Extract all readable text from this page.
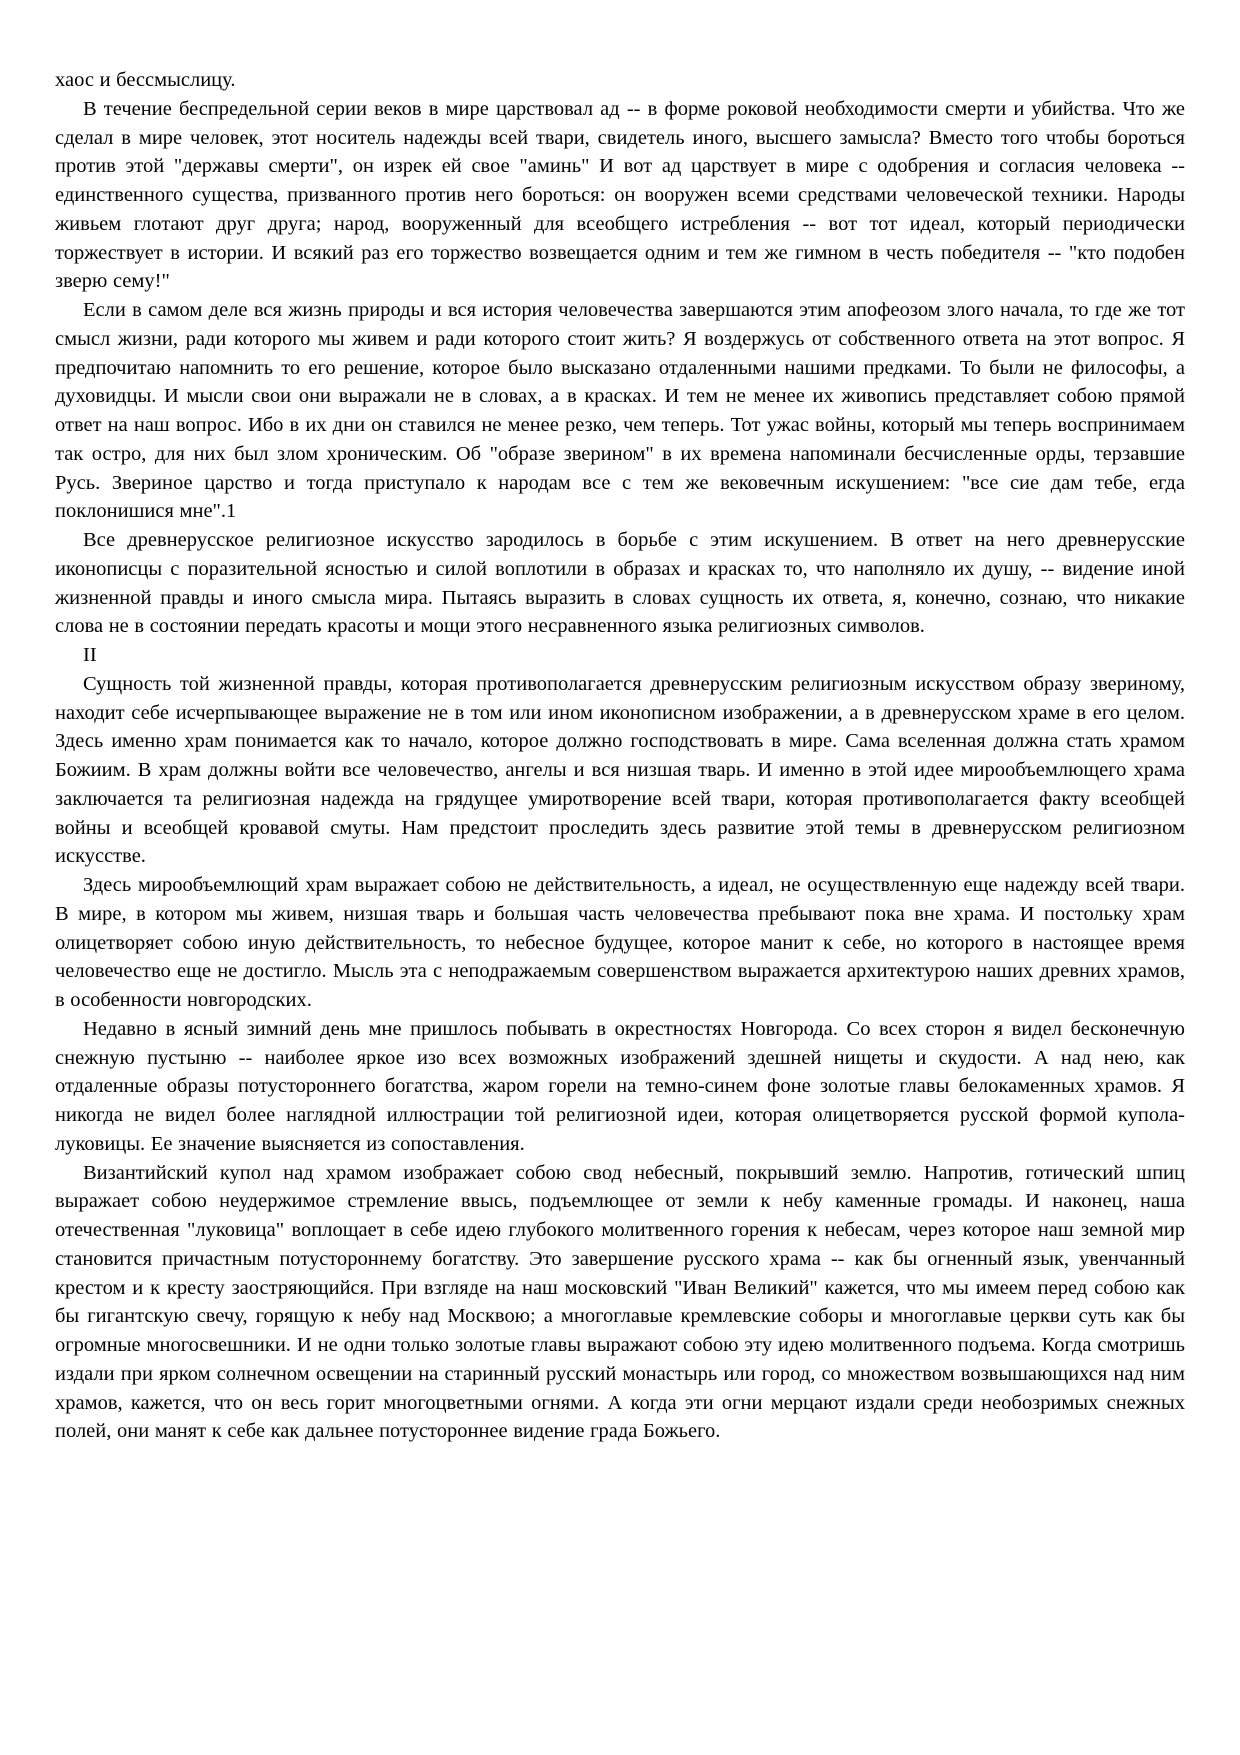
хаос и бессмыслицу.

В течение беспредельной серии веков в мире царствовал ад -- в форме роковой необходимости смерти и убийства. Что же сделал в мире человек, этот носитель надежды всей твари, свидетель иного, высшего замысла? Вместо того чтобы бороться против этой "державы смерти", он изрек ей свое "аминь" И вот ад царствует в мире с одобрения и согласия человека -- единственного существа, призванного против него бороться: он вооружен всеми средствами человеческой техники. Народы живьем глотают друг друга; народ, вооруженный для всеобщего истребления -- вот тот идеал, который периодически торжествует в истории. И всякий раз его торжество возвещается одним и тем же гимном в честь победителя -- "кто подобен зверю сему!"

Если в самом деле вся жизнь природы и вся история человечества завершаются этим апофеозом злого начала, то где же тот смысл жизни, ради которого мы живем и ради которого стоит жить? Я воздержусь от собственного ответа на этот вопрос. Я предпочитаю напомнить то его решение, которое было высказано отдаленными нашими предками. То были не философы, а духовидцы. И мысли свои они выражали не в словах, а в красках. И тем не менее их живопись представляет собою прямой ответ на наш вопрос. Ибо в их дни он ставился не менее резко, чем теперь. Тот ужас войны, который мы теперь воспринимаем так остро, для них был злом хроническим. Об "образе зверином" в их времена напоминали бесчисленные орды, терзавшие Русь. Звериное царство и тогда приступало к народам все с тем же вековечным искушением: "все сие дам тебе, егда поклонишися мне".1

Все древнерусское религиозное искусство зародилось в борьбе с этим искушением. В ответ на него древнерусские иконописцы с поразительной ясностью и силой воплотили в образах и красках то, что наполняло их душу, -- видение иной жизненной правды и иного смысла мира. Пытаясь выразить в словах сущность их ответа, я, конечно, сознаю, что никакие слова не в состоянии передать красоты и мощи этого несравненного языка религиозных символов.

II

Сущность той жизненной правды, которая противополагается древнерусским религиозным искусством образу звериному, находит себе исчерпывающее выражение не в том или ином иконописном изображении, а в древнерусском храме в его целом. Здесь именно храм понимается как то начало, которое должно господствовать в мире. Сама вселенная должна стать храмом Божиим. В храм должны войти все человечество, ангелы и вся низшая тварь. И именно в этой идее мирообъемлющего храма заключается та религиозная надежда на грядущее умиротворение всей твари, которая противополагается факту всеобщей войны и всеобщей кровавой смуты. Нам предстоит проследить здесь развитие этой темы в древнерусском религиозном искусстве.

Здесь мирообъемлющий храм выражает собою не действительность, а идеал, не осуществленную еще надежду всей твари. В мире, в котором мы живем, низшая тварь и большая часть человечества пребывают пока вне храма. И постольку храм олицетворяет собою иную действительность, то небесное будущее, которое манит к себе, но которого в настоящее время человечество еще не достигло. Мысль эта с неподражаемым совершенством выражается архитектурою наших древних храмов, в особенности новгородских.

Недавно в ясный зимний день мне пришлось побывать в окрестностях Новгорода. Со всех сторон я видел бесконечную снежную пустыню -- наиболее яркое изо всех возможных изображений здешней нищеты и скудости. А над нею, как отдаленные образы потустороннего богатства, жаром горели на темно-синем фоне золотые главы белокаменных храмов. Я никогда не видел более наглядной иллюстрации той религиозной идеи, которая олицетворяется русской формой купола-луковицы. Ее значение выясняется из сопоставления.

Византийский купол над храмом изображает собою свод небесный, покрывший землю. Напротив, готический шпиц выражает собою неудержимое стремление ввысь, подъемлющее от земли к небу каменные громады. И наконец, наша отечественная "луковица" воплощает в себе идею глубокого молитвенного горения к небесам, через которое наш земной мир становится причастным потустороннему богатству. Это завершение русского храма -- как бы огненный язык, увенчанный крестом и к кресту заостряющийся. При взгляде на наш московский "Иван Великий" кажется, что мы имеем перед собою как бы гигантскую свечу, горящую к небу над Москвою; а многоглавые кремлевские соборы и многоглавые церкви суть как бы огромные многосвешники. И не одни только золотые главы выражают собою эту идею молитвенного подъема. Когда смотришь издали при ярком солнечном освещении на старинный русский монастырь или город, со множеством возвышающихся над ним храмов, кажется, что он весь горит многоцветными огнями. А когда эти огни мерцают издали среди необозримых снежных полей, они манят к себе как дальнее потустороннее видение града Божьего.
